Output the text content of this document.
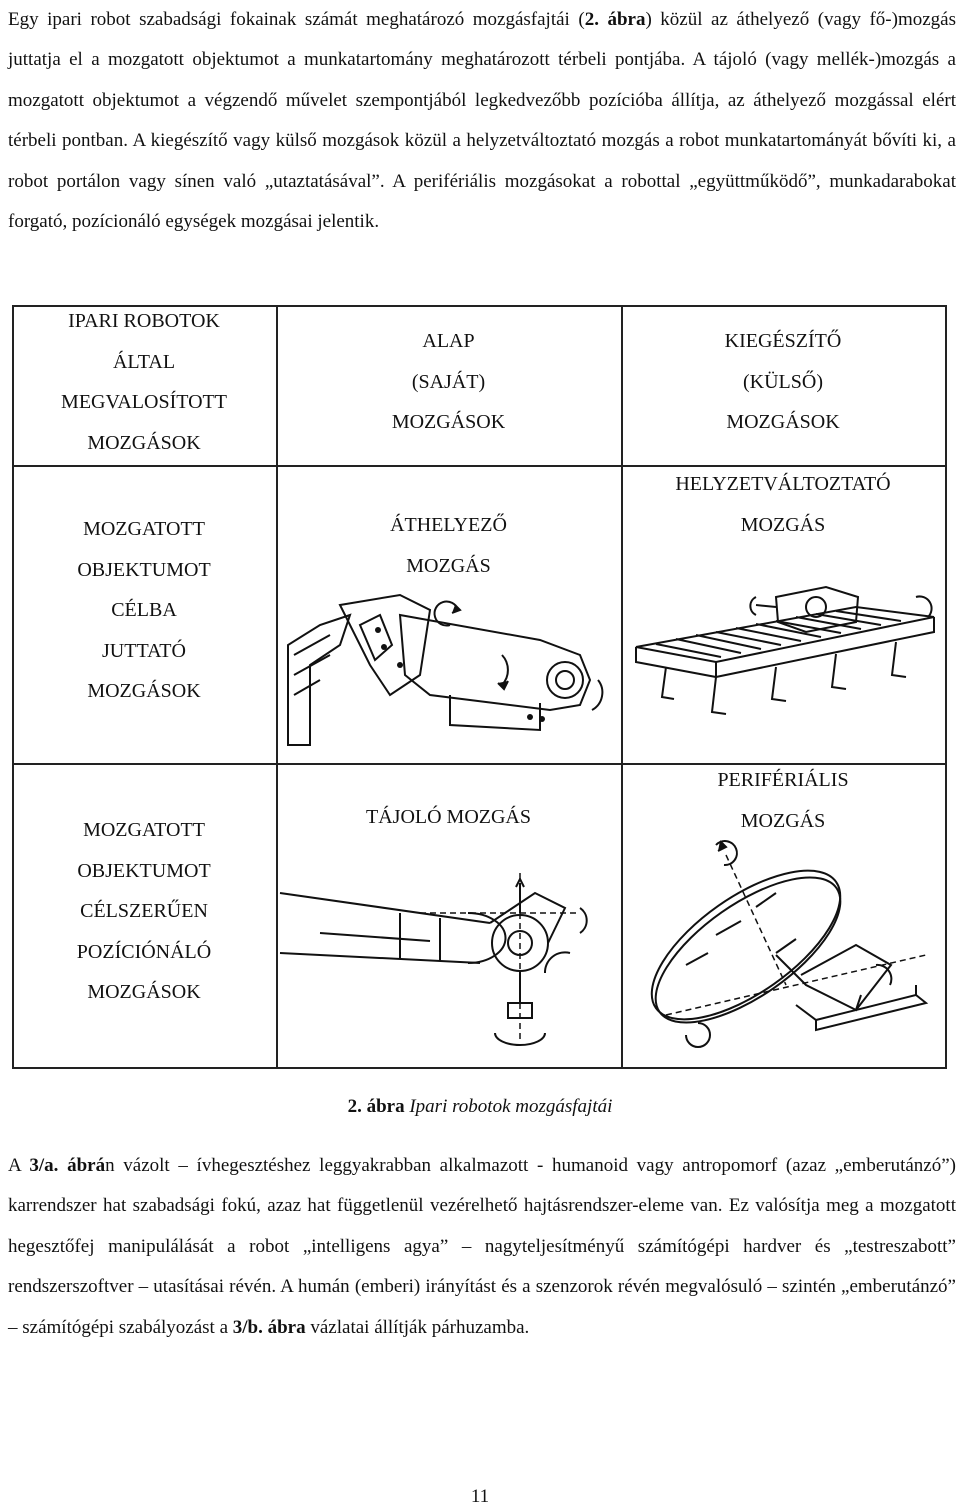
Egy ipari robot szabadsági fokainak számát meghatározó mozgásfajtái (2. ábra) közül az áthelyező (vagy fő-)mozgás juttatja el a mozgatott objektumot a munkatartomány meghatározott térbeli pontjába. A tájoló (vagy mellék-)mozgás a mozgatott objektumot a végzendő művelet szempontjából legkedvezőbb pozícióba állítja, az áthelyező mozgással elért térbeli pontban. A kiegészítő vagy külső mozgások közül a helyzetváltoztató mozgás a robot munkatartományát bővíti ki, a robot portálon vagy sínen való „utaztatásával”. A perifériális mozgásokat a robottal „együttműködő”, munkadarabokat forgató, pozícionáló egységek mozgásai jelentik.
IPARI ROBOTOK
ÁLTAL
MEGVALOSÍTOTT
MOZGÁSOK
ALAP
(SAJÁT)
MOZGÁSOK
KIEGÉSZÍTŐ
(KÜLSŐ)
MOZGÁSOK
MOZGATOTT
OBJEKTUMOT
CÉLBA
JUTTATÓ
MOZGÁSOK
ÁTHELYEZŐ
MOZGÁS
HELYZETVÁLTOZTATÓ
MOZGÁS
MOZGATOTT
OBJEKTUMOT
CÉLSZERŰEN
POZÍCIÓNÁLÓ
MOZGÁSOK
TÁJOLÓ MOZGÁS
PERIFÉRIÁLIS
MOZGÁS
2. ábra Ipari robotok mozgásfajtái
A 3/a. ábrán vázolt – ívhegesztéshez leggyakrabban alkalmazott - humanoid vagy antropomorf (azaz „emberutánzó”) karrendszer hat szabadsági fokú, azaz hat függetlenül vezérelhető hajtásrendszer-eleme van. Ez valósítja meg a mozgatott hegesztőfej manipulálását a robot „intelligens agya” – nagyteljesítményű számítógépi hardver és „testreszabott” rendszerszoftver – utasításai révén. A humán (emberi) irányítást és a szenzorok révén megvalósuló – szintén „emberutánzó” – számítógépi szabályozást a 3/b. ábra vázlatai állítják párhuzamba.
11
